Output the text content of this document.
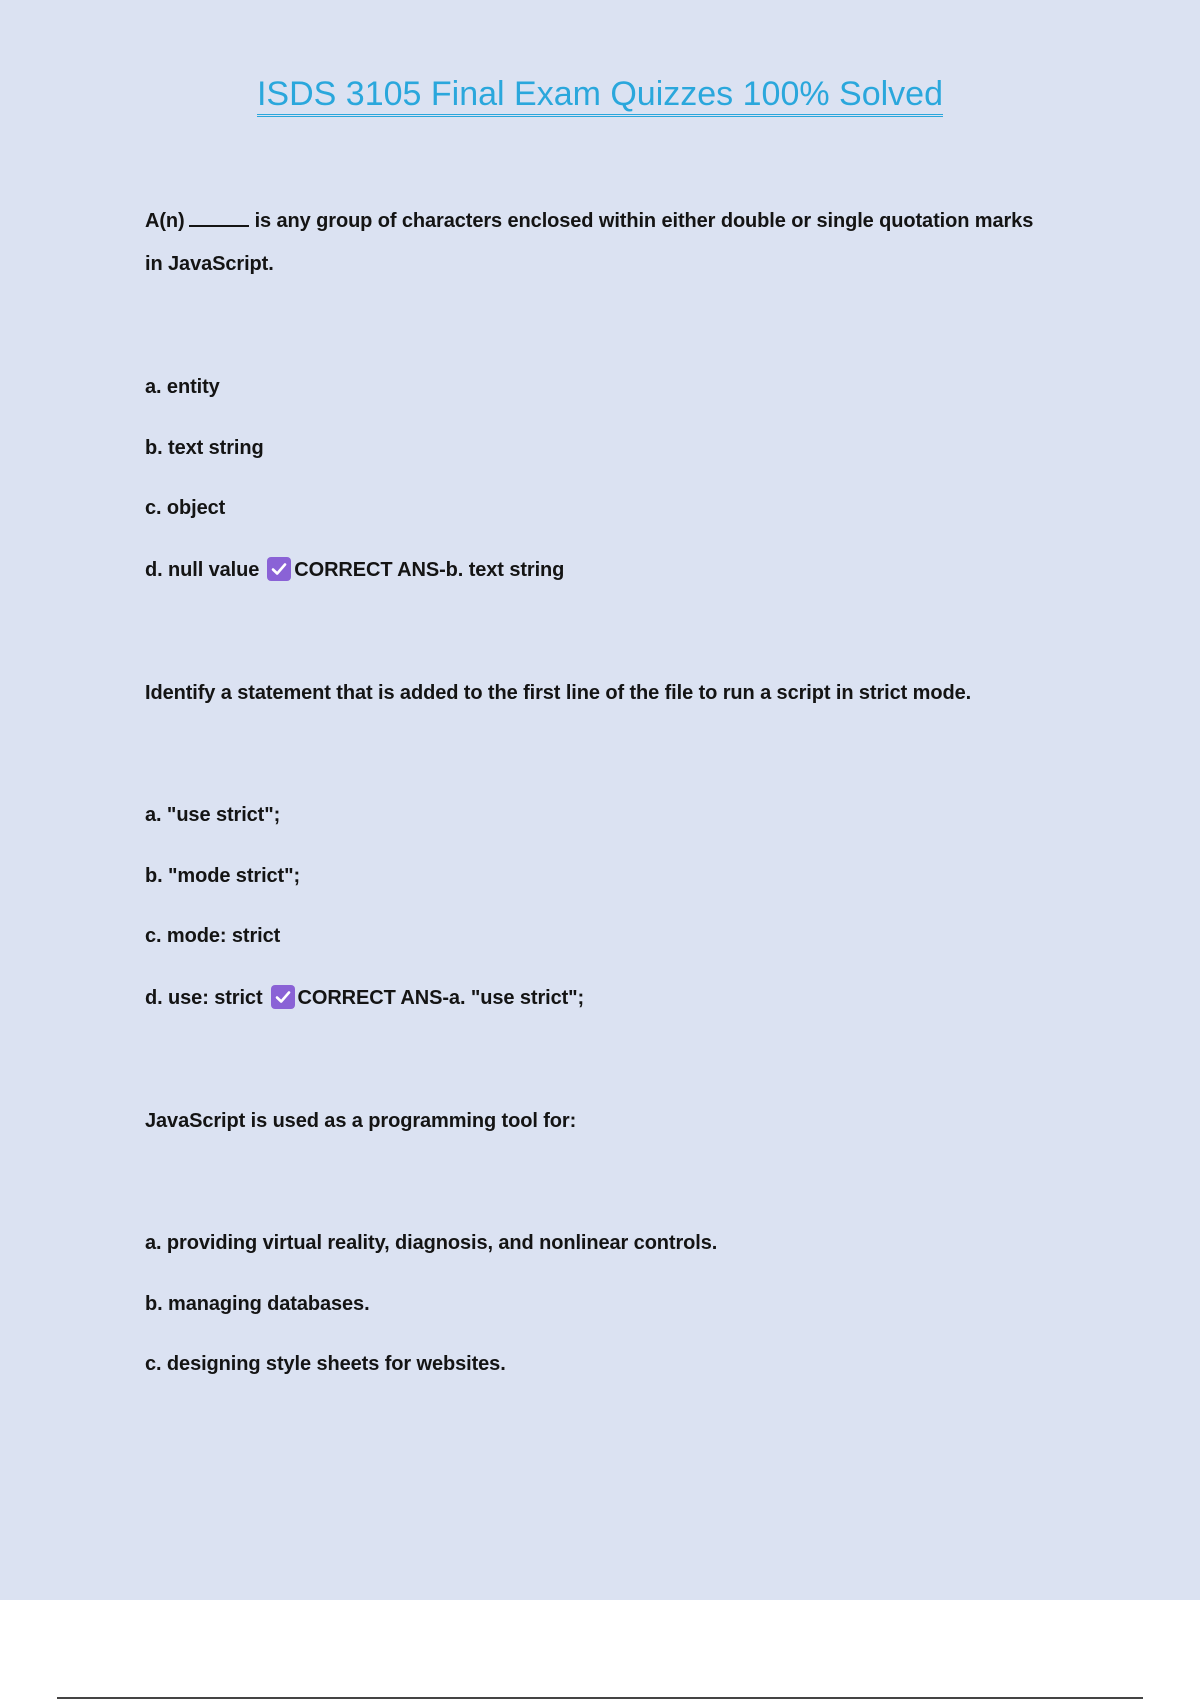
ISDS 3105 Final Exam Quizzes 100% Solved

A(n)	is any group of characters enclosed within either double or single quotation marks

in JavaScript.

a. entity

b. text string

c. object

d. null value CORRECT ANS-b. text string

Identify a statement that is added to the first line of the file to run a script in strict mode.

a. "use strict";

b. "mode strict";

c. mode: strict

d. use: strict CORRECT ANS-a. "use strict";

JavaScript is used as a programming tool for:

a. providing virtual reality, diagnosis, and nonlinear controls.

b. managing databases.

c. designing style sheets for websites.
